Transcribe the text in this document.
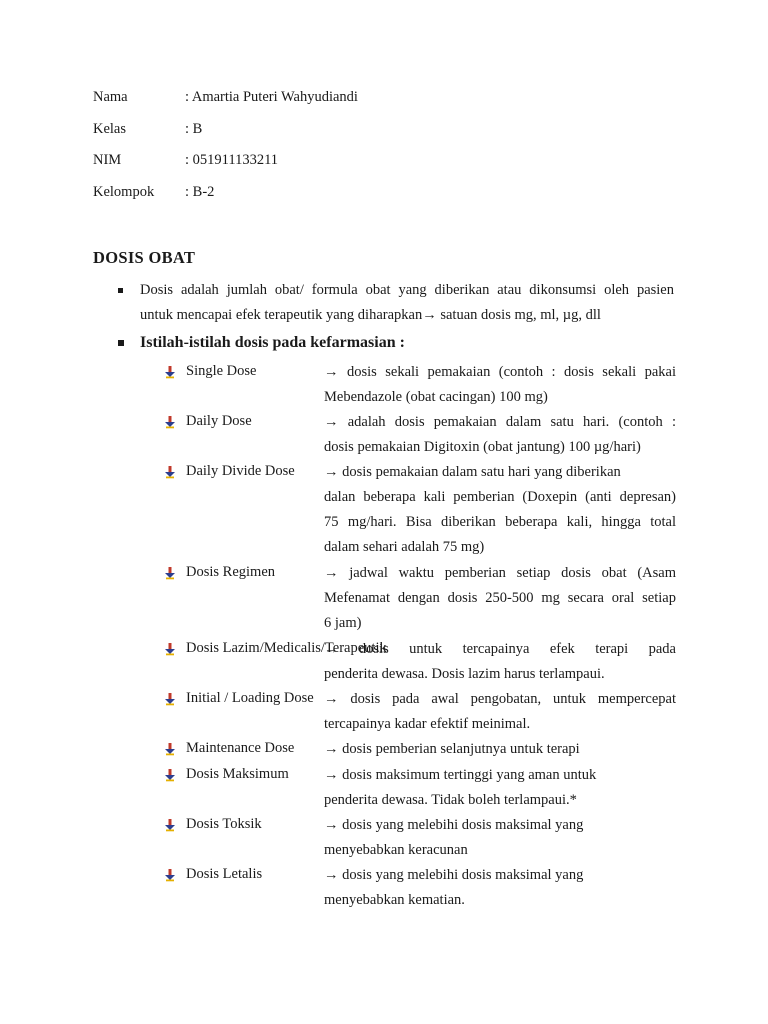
Nama	: Amartia Puteri Wahyudiandi
Kelas	: B
NIM	: 051911133211
Kelompok : B-2
DOSIS OBAT
Dosis adalah jumlah obat/ formula obat yang diberikan atau dikonsumsi oleh pasien
untuk mencapai efek terapeutik yang diharapkan→ satuan dosis mg, ml, µg, dll
Istilah-istilah dosis pada kefarmasian :
Single Dose	→ dosis sekali pemakaian (contoh : dosis sekali pakai
Mebendazole (obat cacingan) 100 mg)
Daily Dose	→ adalah dosis pemakaian dalam satu hari. (contoh :
dosis pemakaian Digitoxin (obat jantung) 100 µg/hari)
Daily Divide Dose → dosis pemakaian dalam satu hari yang diberikan
dalan beberapa kali pemberian (Doxepin (anti depresan)
75 mg/hari. Bisa diberikan beberapa kali, hingga total
dalam sehari adalah 75 mg)
Dosis Regimen	→ jadwal waktu pemberian setiap dosis obat (Asam
Mefenamat dengan dosis 250-500 mg secara oral setiap
6 jam)
Dosis Lazim/Medicalis/Terapeutik
→ dosis untuk tercapainya efek terapi pada
penderita dewasa. Dosis lazim harus terlampaui.
Initial / Loading Dose → dosis pada awal pengobatan, untuk mempercepat
tercapainya kadar efektif meinimal.
Maintenance Dose → dosis pemberian selanjutnya untuk terapi
Dosis Maksimum → dosis maksimum tertinggi yang aman untuk
penderita dewasa. Tidak boleh terlampaui.*
Dosis Toksik	→ dosis yang melebihi dosis maksimal yang
menyebabkan keracunan
Dosis Letalis	→ dosis yang melebihi dosis maksimal yang
menyebabkan kematian.
